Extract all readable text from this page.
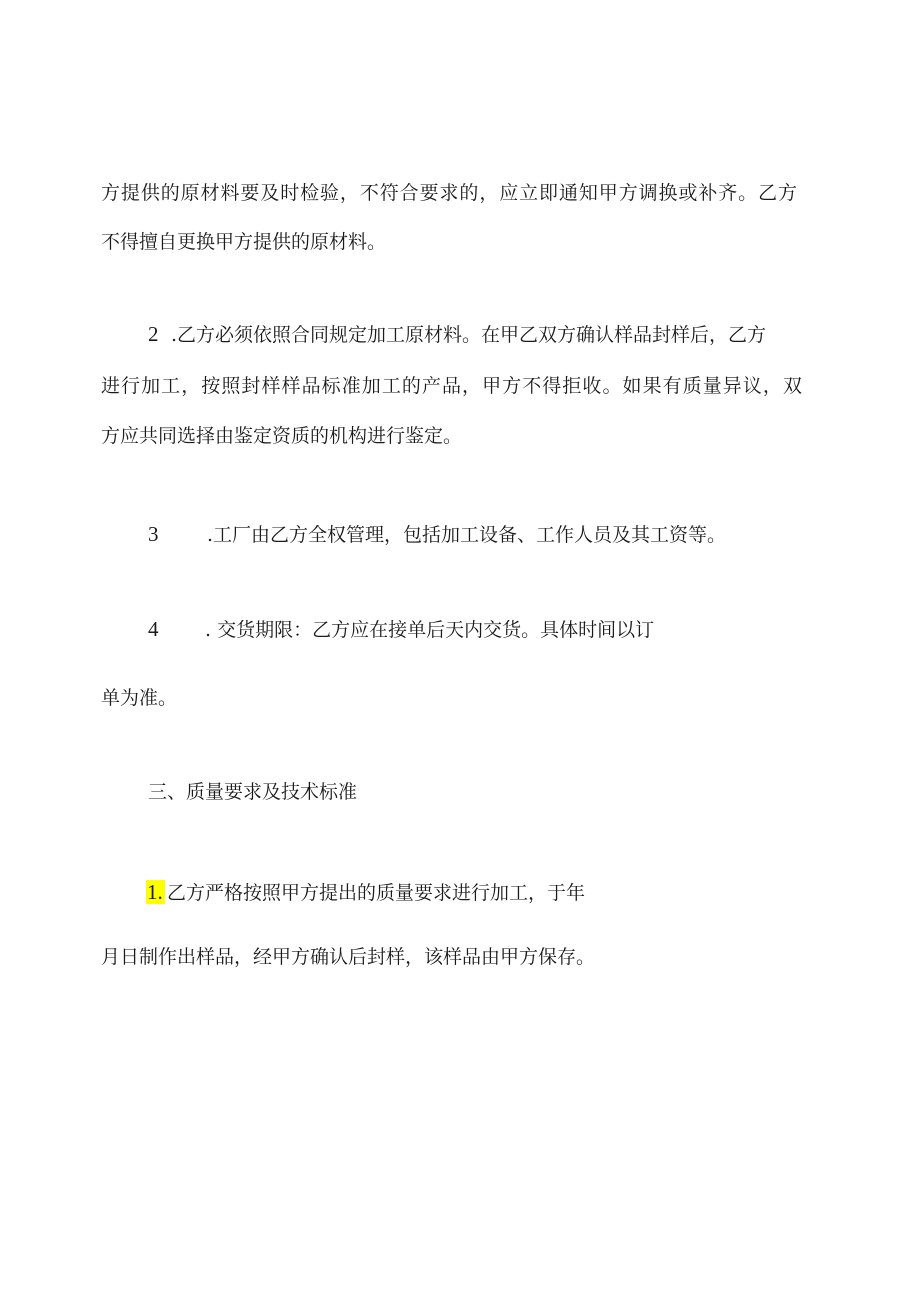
方提供的原材料要及时检验，不符合要求的，应立即通知甲方调换或补齐。乙方
不得擅自更换甲方提供的原材料。
2 .乙方必须依照合同规定加工原材料。在甲乙双方确认样品封样后，乙方
进行加工，按照封样样品标准加工的产品，甲方不得拒收。如果有质量异议，双
方应共同选择由鉴定资质的机构进行鉴定。
3	.工厂由乙方全权管理，包括加工设备、工作人员及其工资等。
4 . 交货期限：乙方应在接单后天内交货。具体时间以订
单为准。
三、质量要求及技术标准
1. 乙方严格按照甲方提出的质量要求进行加工，于年
月日制作出样品，经甲方确认后封样，该样品由甲方保存。
